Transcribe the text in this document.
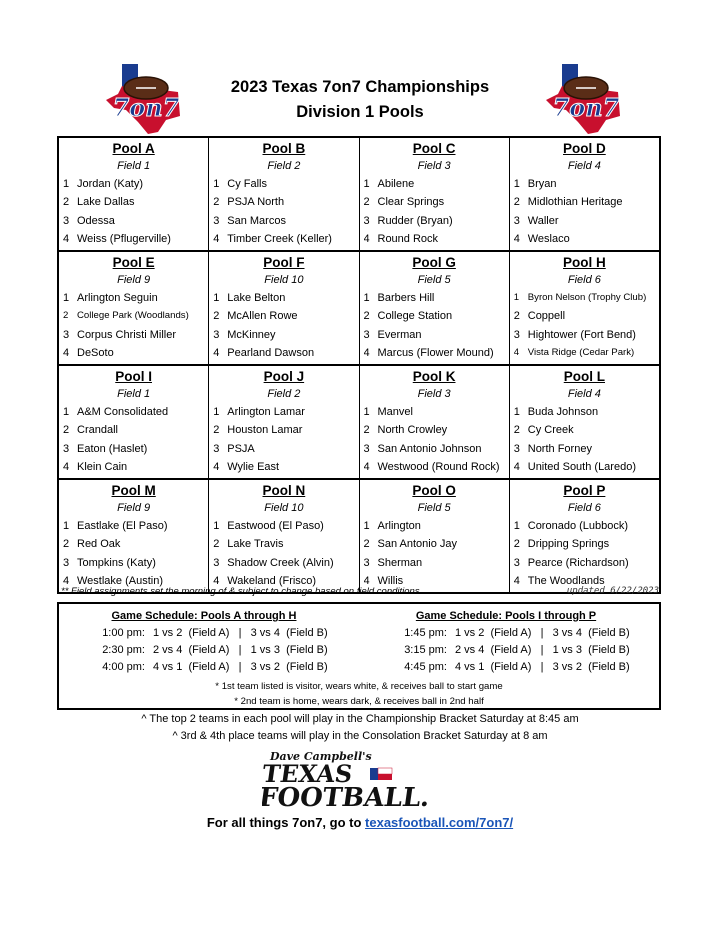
7on7
2023 Texas 7on7 Championships
Division 1 Pools	7on7
Pool A
Field 1
1 Jordan (Katy)
2 Lake Dallas
3 Odessa
4 Weiss (Pflugerville)
Pool B
Field 2
1 Cy Falls
2 PSJA North
3 San Marcos
4 Timber Creek (Keller)
Pool C
Field 3
1 Abilene
2 Clear Springs
3 Rudder (Bryan)
4 Round Rock
Pool D
Field 4
1 Bryan
2 Midlothian Heritage
3 Waller
4 Weslaco
Pool E
Field 9
1 Arlington Seguin
2 College Park (Woodlands)
3 Corpus Christi Miller
4 DeSoto
Pool F
Field 10
1 Lake Belton
2 McAllen Rowe
3 McKinney
4 Pearland Dawson
Pool G
Field 5
1 Barbers Hill
2 College Station
3 Everman
4 Marcus (Flower Mound)
Pool H
Field 6
1 Byron Nelson (Trophy Club)
2 Coppell
3 Hightower (Fort Bend)
4 Vista Ridge (Cedar Park)
Pool I
Field 1
1 A&M Consolidated
2 Crandall
3 Eaton (Haslet)
4 Klein Cain
Pool J
Field 2
1 Arlington Lamar
2 Houston Lamar
3 PSJA
4 Wylie East
Pool K
Field 3
1 Manvel
2 North Crowley
3 San Antonio Johnson
4 Westwood (Round Rock)
Pool L
Field 4
1 Buda Johnson
2 Cy Creek
3 North Forney
4 United South (Laredo)
Pool M
Field 9
1 Eastlake (El Paso)
2 Red Oak
3 Tompkins (Katy)
4 Westlake (Austin)
Pool N
Field 10
1 Eastwood (El Paso)
2 Lake Travis
3 Shadow Creek (Alvin)
4 Wakeland (Frisco)
Pool O
Field 5
1 Arlington
2 San Antonio Jay
3 Sherman
4 Willis
Pool P
Field 6
1 Coronado (Lubbock)
2 Dripping Springs
3 Pearce (Richardson)
4 The Woodlands
** Field assignments set the morning of & subject to change based on field conditions	updated 6/22/2023
Game Schedule: Pools A through H
1:00 pm: 1 vs 2  (Field A)   |   3 vs 4  (Field B)
2:30 pm: 2 vs 4  (Field A)   |   1 vs 3  (Field B)
4:00 pm: 4 vs 1  (Field A)   |   3 vs 2  (Field B)
Game Schedule: Pools I through P
1:45 pm: 1 vs 2  (Field A)   |   3 vs 4  (Field B)
3:15 pm: 2 vs 4  (Field A)   |   1 vs 3  (Field B)
4:45 pm: 4 vs 1  (Field A)   |   3 vs 2  (Field B)
* 1st team listed is visitor, wears white, & receives ball to start game
* 2nd team is home, wears dark, & receives ball in 2nd half
^ The top 2 teams in each pool will play in the Championship Bracket Saturday at 8:45 am
^ 3rd & 4th place teams will play in the Consolation Bracket Saturday at 8 am
Dave Campbell's
TEXAS
FOOTBALL.
For all things 7on7, go to texasfootball.com/7on7/
